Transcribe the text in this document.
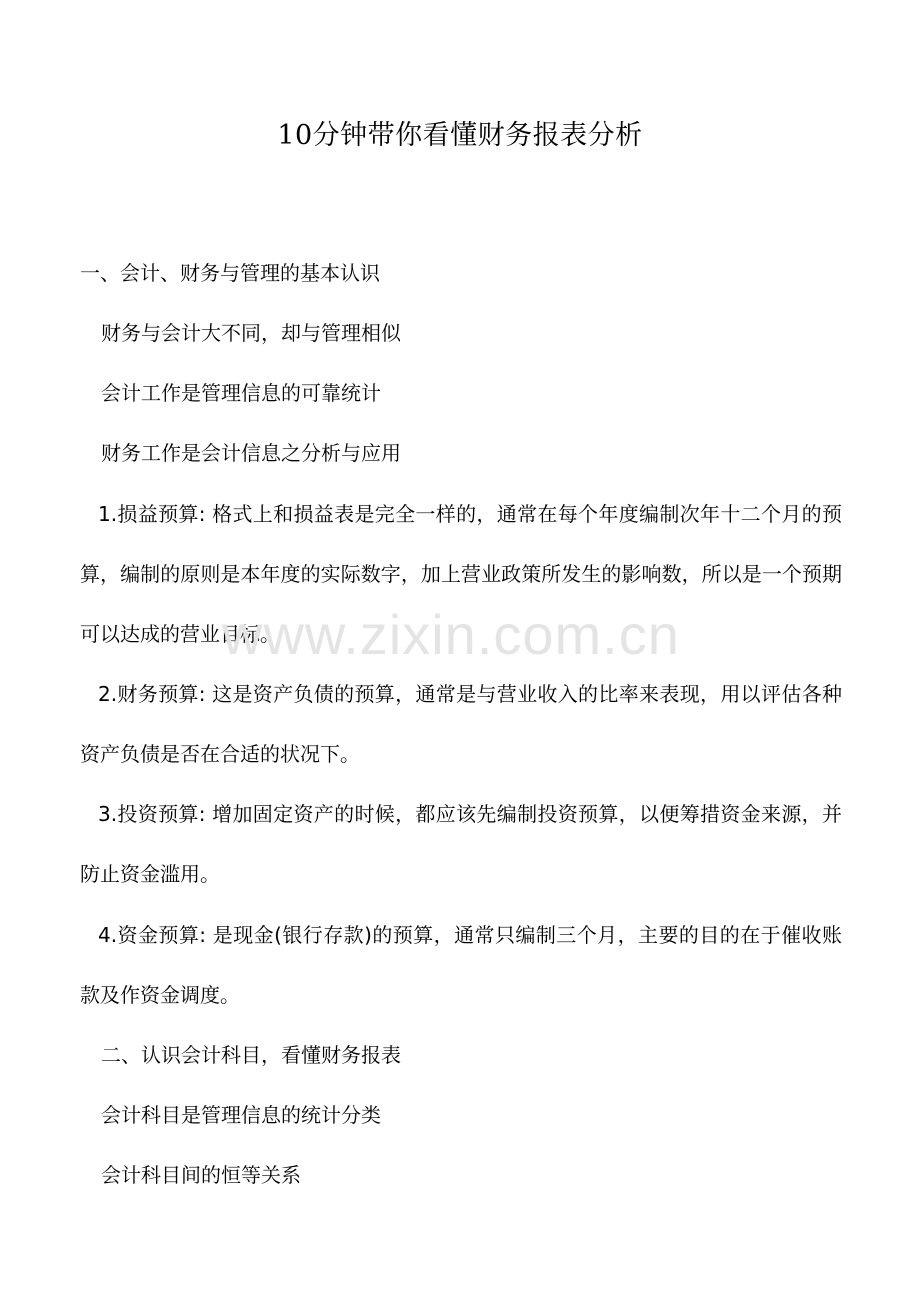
10分钟带你看懂财务报表分析

一、会计、财务与管理的基本认识

财务与会计大不同，却与管理相似

会计工作是管理信息的可靠统计

财务工作是会计信息之分析与应用

1.损益预算: 格式上和损益表是完全一样的，通常在每个年度编制次年十二个月的预算，编制的原则是本年度的实际数字，加上营业政策所发生的影响数，所以是一个预期可以达成的营业目标。

2.财务预算: 这是资产负债的预算，通常是与营业收入的比率来表现，用以评估各种资产负债是否在合适的状况下。

3.投资预算: 增加固定资产的时候，都应该先编制投资预算，以便筹措资金来源，并防止资金滥用。

4.资金预算: 是现金(银行存款)的预算，通常只编制三个月，主要的目的在于催收账款及作资金调度。

二、认识会计科目，看懂财务报表

会计科目是管理信息的统计分类

会计科目间的恒等关系

www.zixin.com.cn
